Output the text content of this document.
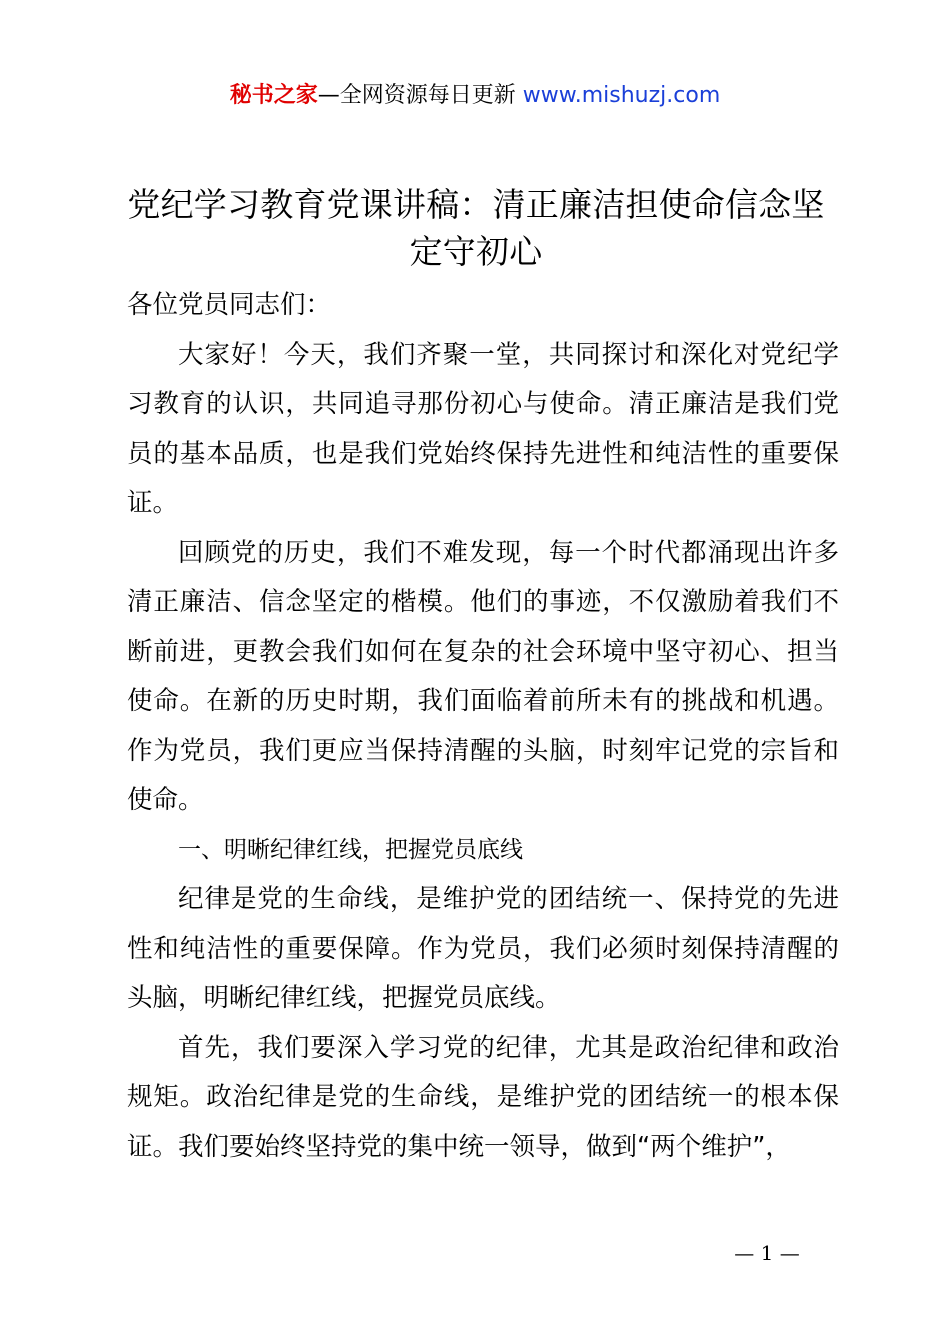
秘书之家—全网资源每日更新 www.mishuzj.com
党纪学习教育党课讲稿：清正廉洁担使命信念坚定守初心

各位党员同志们：

大家好！今天，我们齐聚一堂，共同探讨和深化对党纪学习教育的认识，共同追寻那份初心与使命。清正廉洁是我们党员的基本品质，也是我们党始终保持先进性和纯洁性的重要保证。

回顾党的历史，我们不难发现，每一个时代都涌现出许多清正廉洁、信念坚定的楷模。他们的事迹，不仅激励着我们不断前进，更教会我们如何在复杂的社会环境中坚守初心、担当使命。在新的历史时期，我们面临着前所未有的挑战和机遇。作为党员，我们更应当保持清醒的头脑，时刻牢记党的宗旨和使命。

一、明晰纪律红线，把握党员底线

纪律是党的生命线，是维护党的团结统一、保持党的先进性和纯洁性的重要保障。作为党员，我们必须时刻保持清醒的头脑，明晰纪律红线，把握党员底线。

首先，我们要深入学习党的纪律，尤其是政治纪律和政治规矩。政治纪律是党的生命线，是维护党的团结统一的根本保证。我们要始终坚持党的集中统一领导，做到“两个维护”，

— 1 —
